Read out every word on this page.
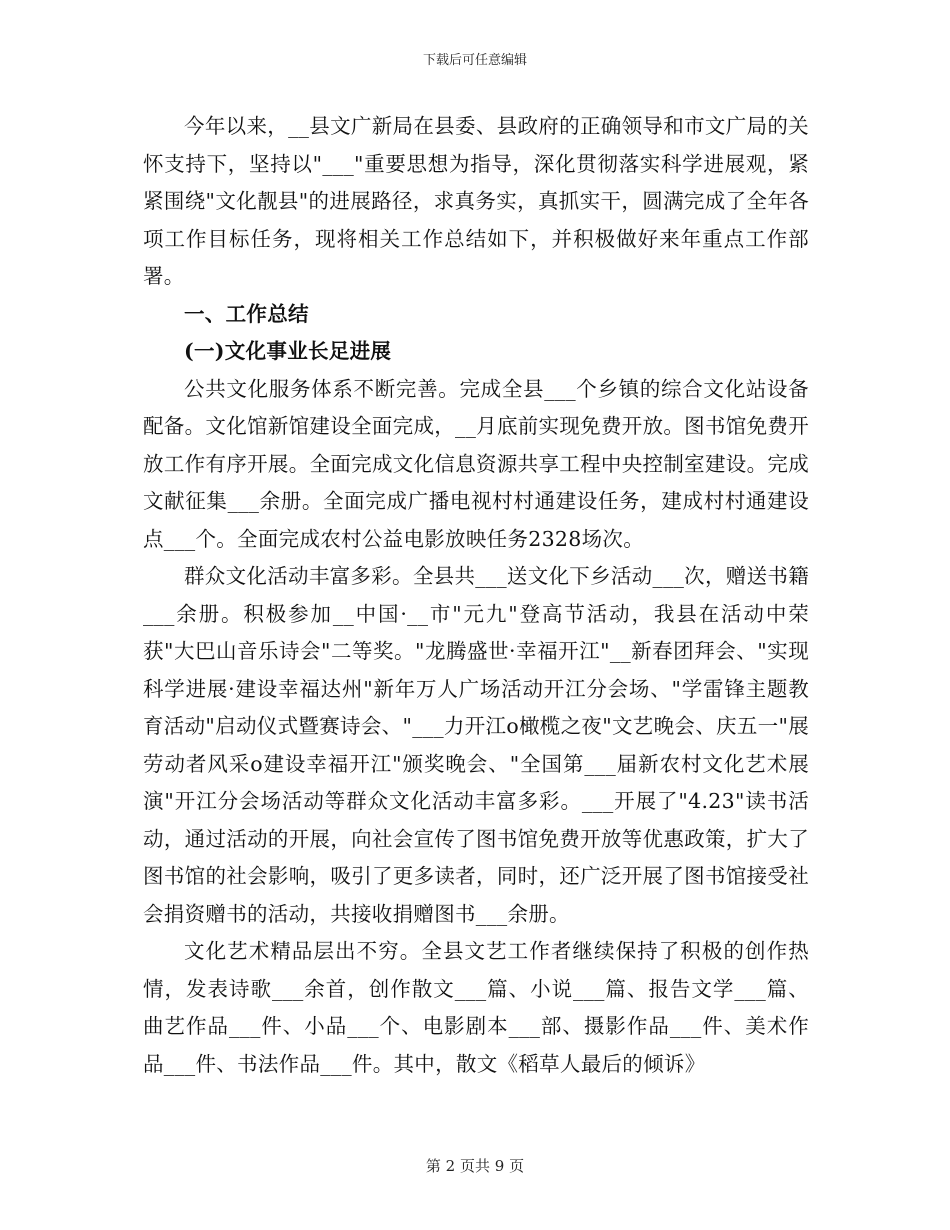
下载后可任意编辑

今年以来，__县文广新局在县委、县政府的正确领导和市文广局的关怀支持下，坚持以"___"重要思想为指导，深化贯彻落实科学进展观，紧紧围绕"文化靓县"的进展路径，求真务实，真抓实干，圆满完成了全年各项工作目标任务，现将相关工作总结如下，并积极做好来年重点工作部署。

一、工作总结
(一)文化事业长足进展

公共文化服务体系不断完善。完成全县___个乡镇的综合文化站设备配备。文化馆新馆建设全面完成，__月底前实现免费开放。图书馆免费开放工作有序开展。全面完成文化信息资源共享工程中央控制室建设。完成文献征集___余册。全面完成广播电视村村通建设任务，建成村村通建设点___个。全面完成农村公益电影放映任务2328场次。

群众文化活动丰富多彩。全县共___送文化下乡活动___次，赠送书籍___余册。积极参加__中国·__市"元九"登高节活动，我县在活动中荣获"大巴山音乐诗会"二等奖。"龙腾盛世·幸福开江"__新春团拜会、"实现科学进展·建设幸福达州"新年万人广场活动开江分会场、"学雷锋主题教育活动"启动仪式暨赛诗会、"___力开江o橄榄之夜"文艺晚会、庆五一"展劳动者风采o建设幸福开江"颁奖晚会、"全国第___届新农村文化艺术展演"开江分会场活动等群众文化活动丰富多彩。___开展了"4.23"读书活动，通过活动的开展，向社会宣传了图书馆免费开放等优惠政策，扩大了图书馆的社会影响，吸引了更多读者，同时，还广泛开展了图书馆接受社会捐资赠书的活动，共接收捐赠图书___余册。

文化艺术精品层出不穷。全县文艺工作者继续保持了积极的创作热情，发表诗歌___余首，创作散文___篇、小说___篇、报告文学___篇、曲艺作品___件、小品___个、电影剧本___部、摄影作品___件、美术作品___件、书法作品___件。其中，散文《稻草人最后的倾诉》

第 2 页共 9 页
